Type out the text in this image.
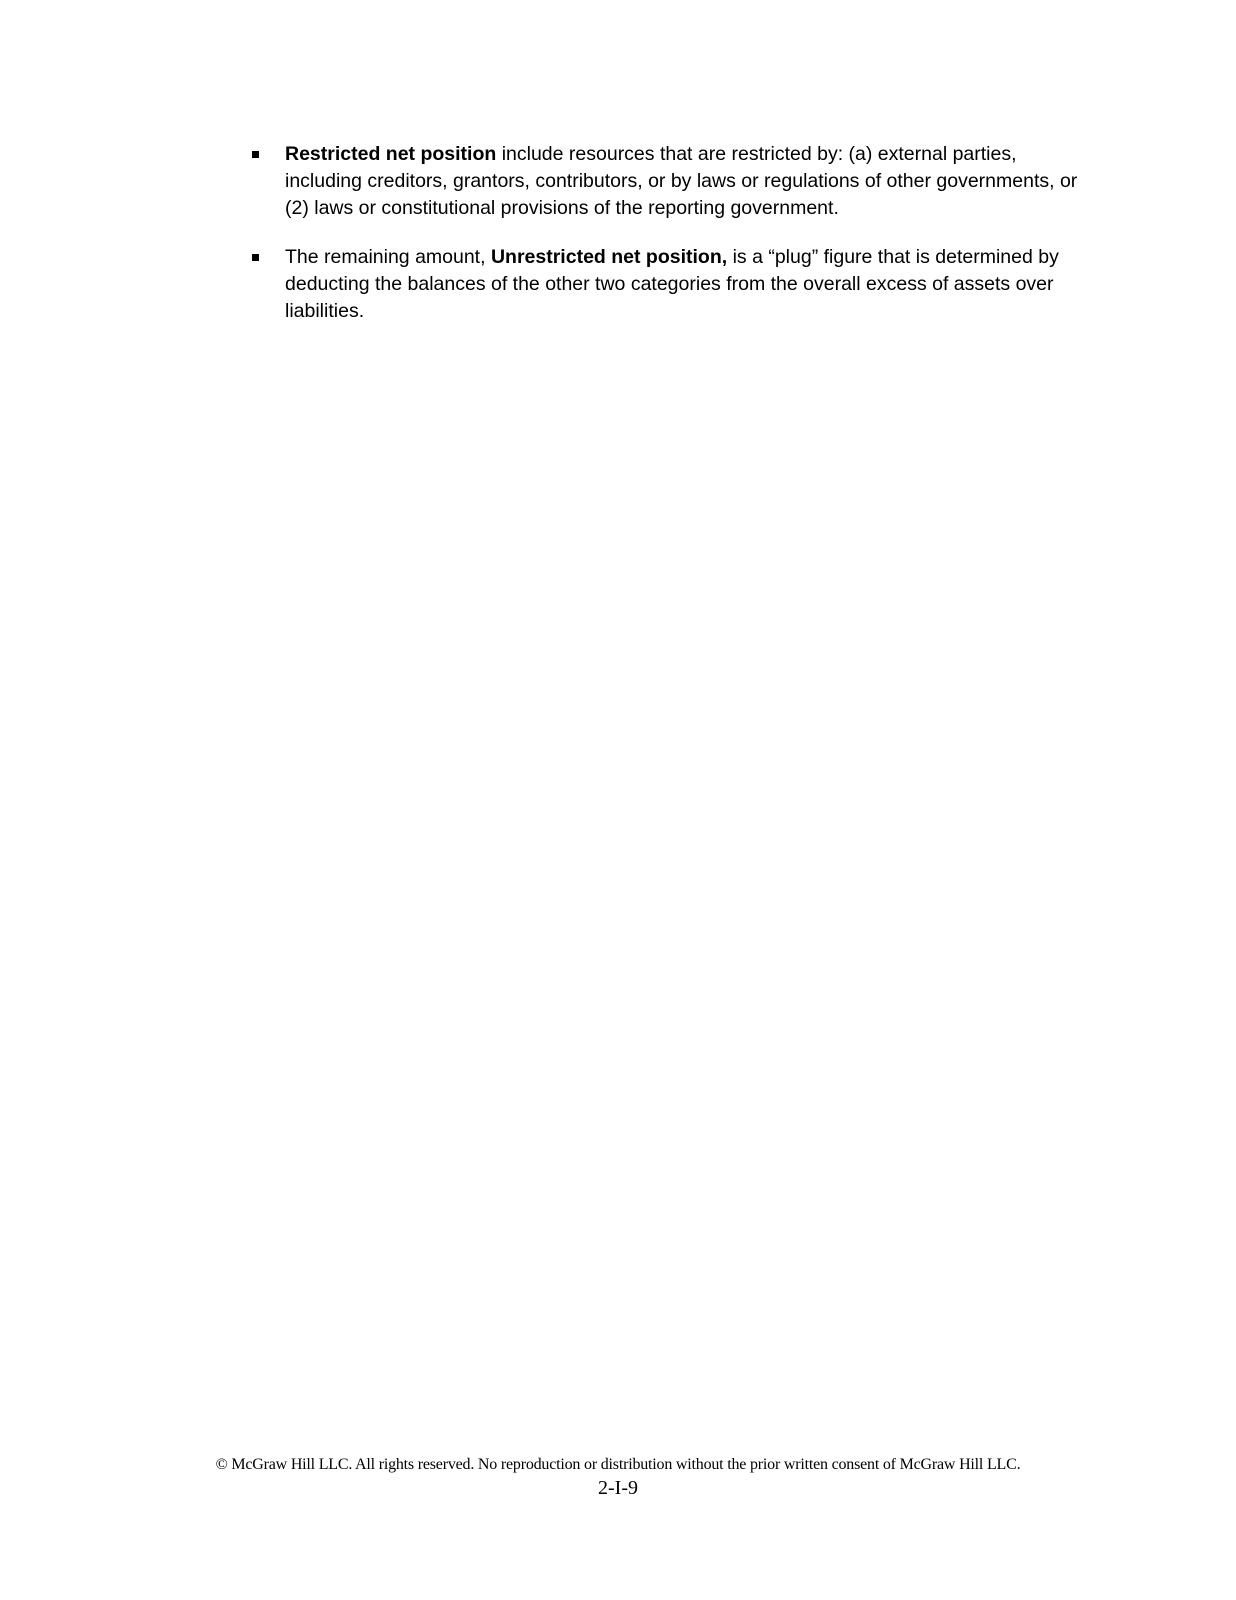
Restricted net position include resources that are restricted by: (a) external parties, including creditors, grantors, contributors, or by laws or regulations of other governments, or (2) laws or constitutional provisions of the reporting government.
The remaining amount, Unrestricted net position, is a “plug” figure that is determined by deducting the balances of the other two categories from the overall excess of assets over liabilities.
© McGraw Hill LLC. All rights reserved. No reproduction or distribution without the prior written consent of McGraw Hill LLC.
2-I-9
